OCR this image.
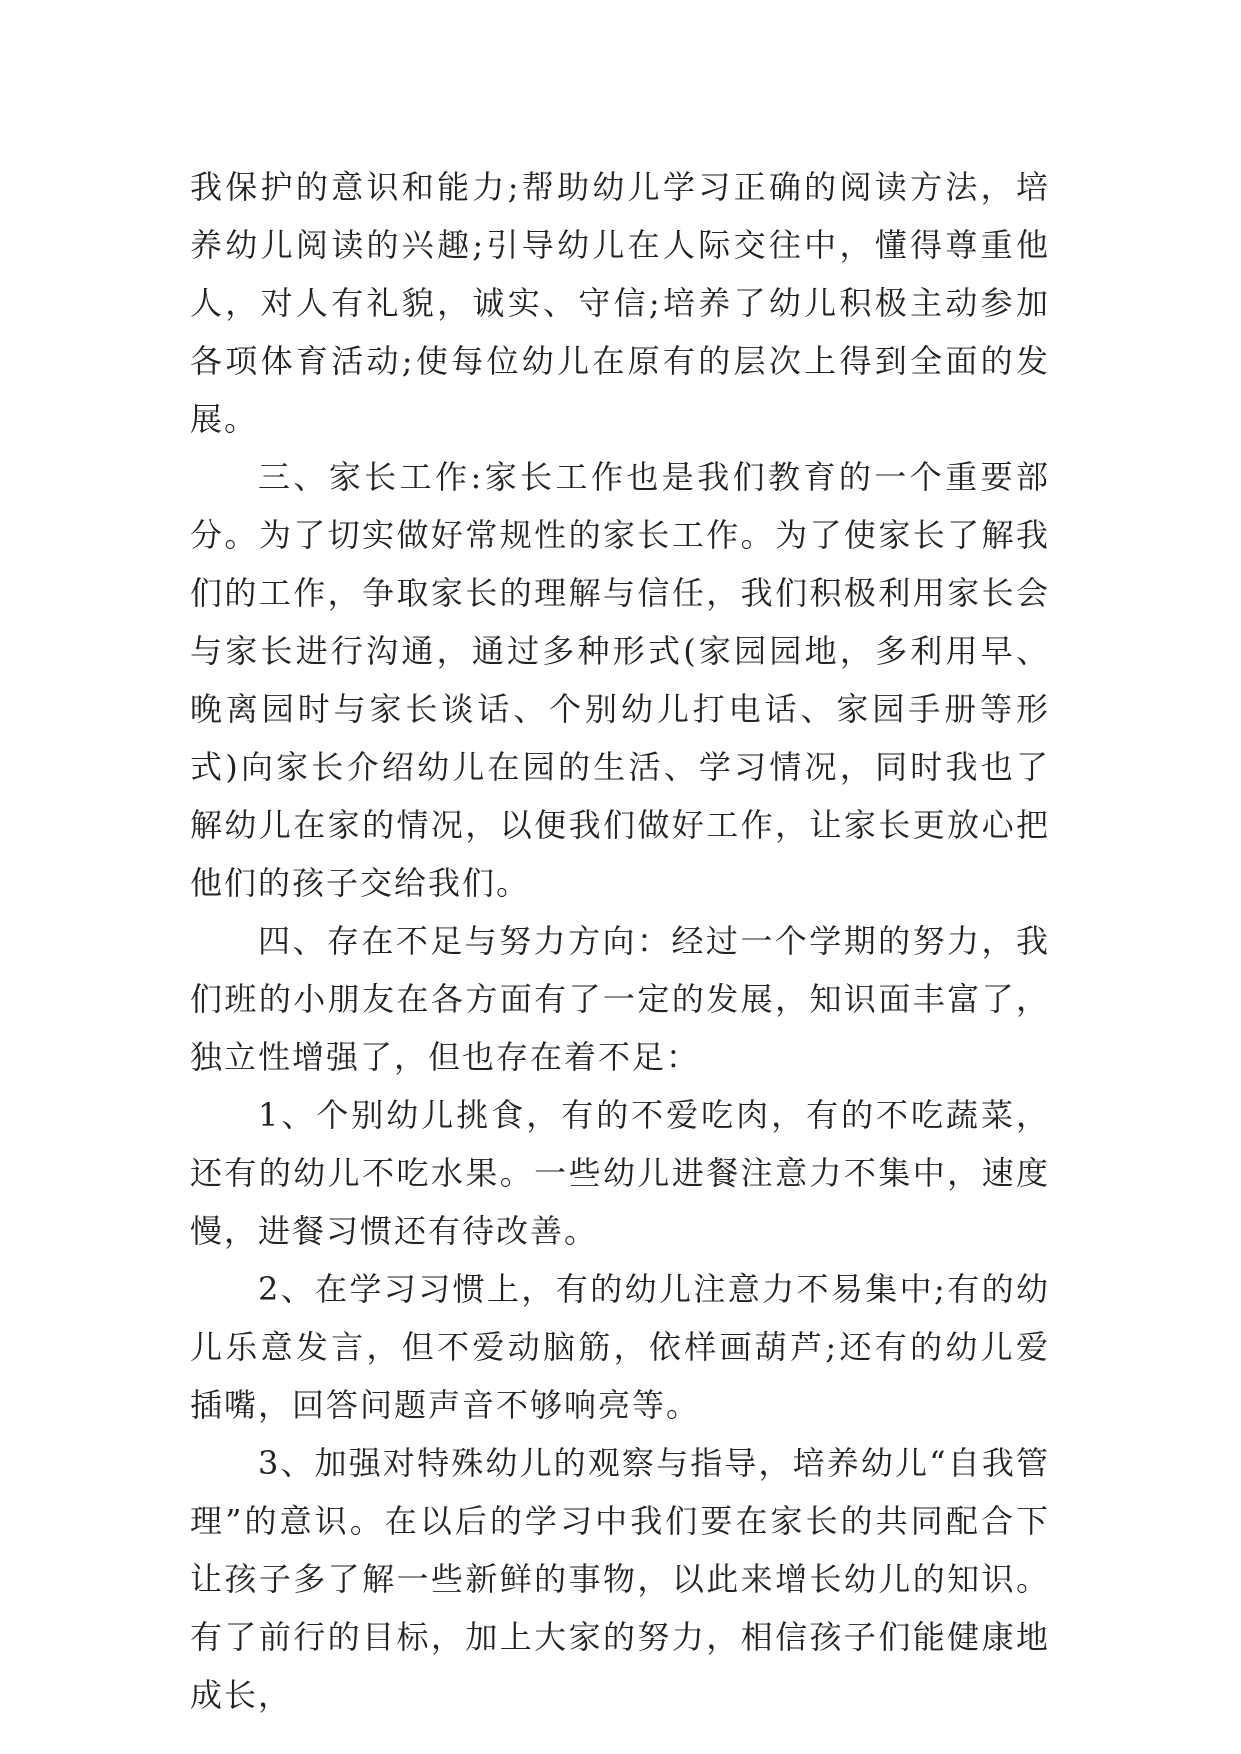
我保护的意识和能力;帮助幼儿学习正确的阅读方法，培养幼儿阅读的兴趣;引导幼儿在人际交往中，懂得尊重他人，对人有礼貌，诚实、守信;培养了幼儿积极主动参加各项体育活动;使每位幼儿在原有的层次上得到全面的发展。

三、家长工作:家长工作也是我们教育的一个重要部分。为了切实做好常规性的家长工作。为了使家长了解我们的工作，争取家长的理解与信任，我们积极利用家长会与家长进行沟通，通过多种形式(家园园地，多利用早、晚离园时与家长谈话、个别幼儿打电话、家园手册等形式)向家长介绍幼儿在园的生活、学习情况，同时我也了解幼儿在家的情况，以便我们做好工作，让家长更放心把他们的孩子交给我们。

四、存在不足与努力方向：经过一个学期的努力，我们班的小朋友在各方面有了一定的发展，知识面丰富了，独立性增强了，但也存在着不足：

1、个别幼儿挑食，有的不爱吃肉，有的不吃蔬菜，还有的幼儿不吃水果。一些幼儿进餐注意力不集中，速度慢，进餐习惯还有待改善。

2、在学习习惯上，有的幼儿注意力不易集中;有的幼儿乐意发言，但不爱动脑筋，依样画葫芦;还有的幼儿爱插嘴，回答问题声音不够响亮等。

3、加强对特殊幼儿的观察与指导，培养幼儿“自我管理”的意识。在以后的学习中我们要在家长的共同配合下让孩子多了解一些新鲜的事物，以此来增长幼儿的知识。有了前行的目标，加上大家的努力，相信孩子们能健康地成长，
